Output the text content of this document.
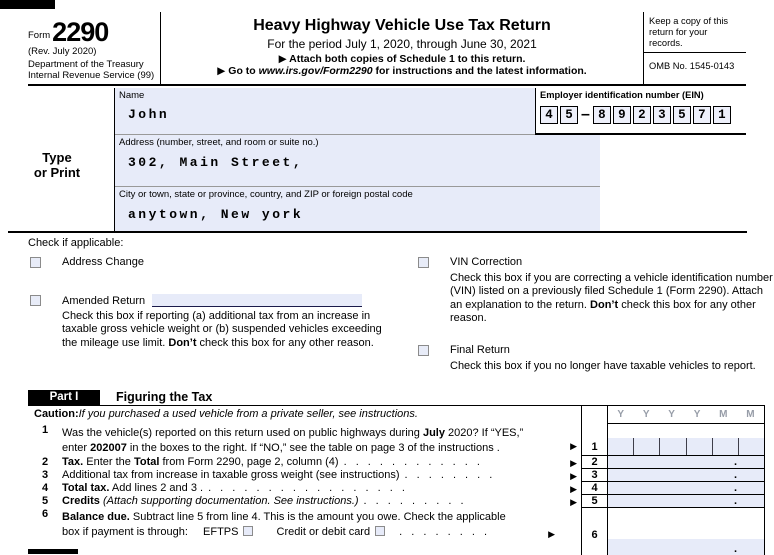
Form 2290
(Rev. July 2020)
Department of the Treasury
Internal Revenue Service (99)
Heavy Highway Vehicle Use Tax Return
For the period July 1, 2020, through June 30, 2021
▶ Attach both copies of Schedule 1 to this return.
▶ Go to www.irs.gov/Form2290 for instructions and the latest information.
Keep a copy of this return for your records.
OMB No. 1545-0143
Type
or Print
Name
John
Employer identification number (EIN)
4 5 – 8 9 2 3 5 7 1
Address (number, street, and room or suite no.)
302, Main Street,
City or town, state or province, country, and ZIP or foreign postal code
anytown, New york
Check if applicable:
Address Change
Amended Return
Check this box if reporting (a) additional tax from an increase in taxable gross vehicle weight or (b) suspended vehicles exceeding the mileage use limit. Don’t check this box for any other reason.
VIN Correction
Check this box if you are correcting a vehicle identification number (VIN) listed on a previously filed Schedule 1 (Form 2290). Attach an explanation to the return. Don’t check this box for any other reason.
Final Return
Check this box if you no longer have taxable vehicles to report.
Part I	Figuring the Tax
Caution: If you purchased a used vehicle from a private seller, see instructions.	Y Y Y Y M M
1	Was the vehicle(s) reported on this return used on public highways during July 2020? If “YES,”
enter 202007 in the boxes to the right. If “NO,” see the table on page 3 of the instructions .	▶	1
2	Tax. Enter the Total from Form 2290, page 2, column (4) . . . . . . . . . . . .	▶	2	.
3	Additional tax from increase in taxable gross weight (see instructions) . . . . . . . .	▶	3	.
4	Total tax. Add lines 2 and 3 . . . . . . . . . . . . . . . . . .	▶	4	.
5	Credits (Attach supporting documentation. See instructions.) . . . . . . . . .	▶	5	.
6	Balance due. Subtract line 5 from line 4. This is the amount you owe. Check the applicable
box if payment is through: EFTPS	Credit or debit card	. . . . . . . .	▶	6
.
